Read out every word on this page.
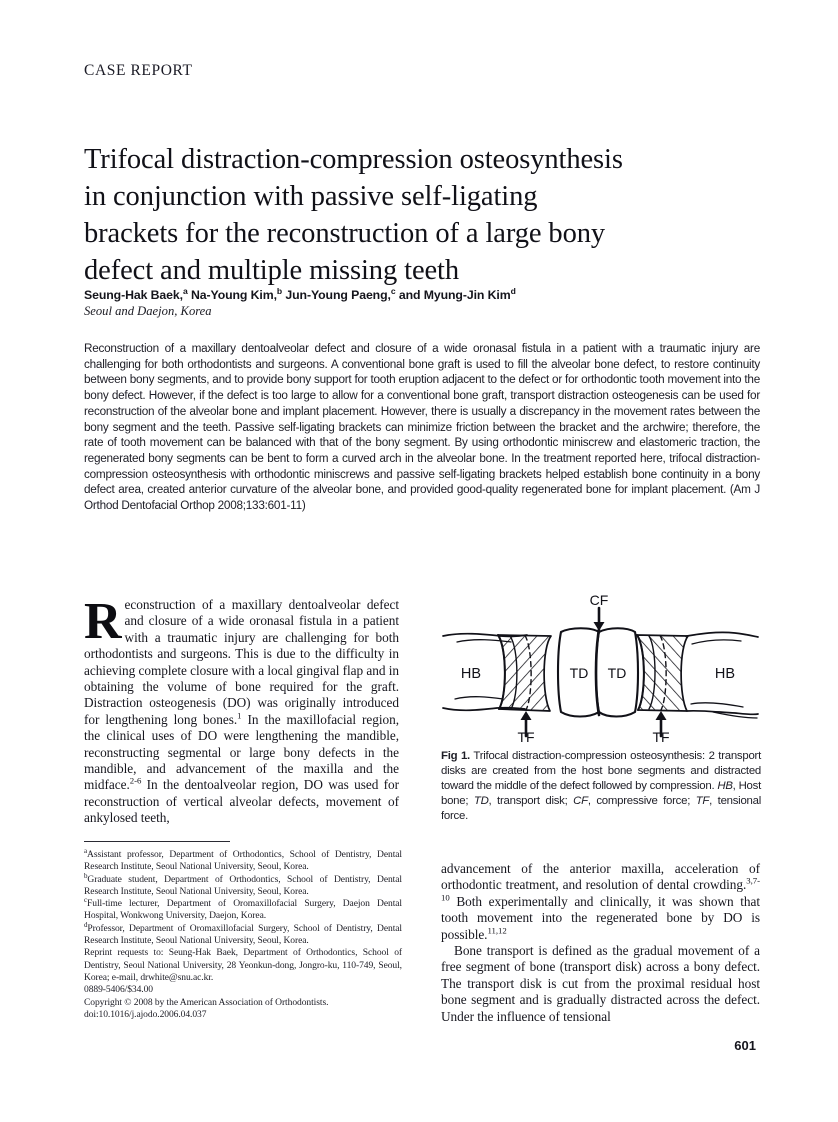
CASE REPORT
Trifocal distraction-compression osteosynthesis
in conjunction with passive self-ligating
brackets for the reconstruction of a large bony
defect and multiple missing teeth
Seung-Hak Baek,$^a$ Na-Young Kim,$^b$ Jun-Young Paeng,$^c$ and Myung-Jin Kim$^d$
Seoul and Daejon, Korea
Reconstruction of a maxillary dentoalveolar defect and closure of a wide oronasal fistula in a patient with a traumatic injury are challenging for both orthodontists and surgeons. A conventional bone graft is used to fill the alveolar bone defect, to restore continuity between bony segments, and to provide bony support for tooth eruption adjacent to the defect or for orthodontic tooth movement into the bony defect. However, if the defect is too large to allow for a conventional bone graft, transport distraction osteogenesis can be used for reconstruction of the alveolar bone and implant placement. However, there is usually a discrepancy in the movement rates between the bony segment and the teeth. Passive self-ligating brackets can minimize friction between the bracket and the archwire; therefore, the rate of tooth movement can be balanced with that of the bony segment. By using orthodontic miniscrew and elastomeric traction, the regenerated bony segments can be bent to form a curved arch in the alveolar bone. In the treatment reported here, trifocal distraction-compression osteosynthesis with orthodontic miniscrews and passive self-ligating brackets helped establish bone continuity in a bony defect area, created anterior curvature of the alveolar bone, and provided good-quality regenerated bone for implant placement. (Am J Orthod Dentofacial Orthop 2008;133:601-11)
Reconstruction of a maxillary dentoalveolar defect and closure of a wide oronasal fistula in a patient with a traumatic injury are challenging for both orthodontists and surgeons. This is due to the difficulty in achieving complete closure with a local gingival flap and in obtaining the volume of bone required for the graft. Distraction osteogenesis (DO) was originally introduced for lengthening long bones.$^1$ In the maxillofacial region, the clinical uses of DO were lengthening the mandible, reconstructing segmental or large bony defects in the mandible, and advancement of the maxilla and the midface.$^{2-6}$ In the dentoalveolar region, DO was used for reconstruction of vertical alveolar defects, movement of ankylosed teeth,

$^a$Assistant professor, Department of Orthodontics, School of Dentistry, Dental Research Institute, Seoul National University, Seoul, Korea.

$^b$Graduate student, Department of Orthodontics, School of Dentistry, Dental Research Institute, Seoul National University, Seoul, Korea.

$^c$Full-time lecturer, Department of Oromaxillofacial Surgery, Daejon Dental Hospital, Wonkwong University, Daejon, Korea.

$^d$Professor, Department of Oromaxillofacial Surgery, School of Dentistry, Dental Research Institute, Seoul National University, Seoul, Korea.

Reprint requests to: Seung-Hak Baek, Department of Orthodontics, School of Dentistry, Seoul National University, 28 Yeonkun-dong, Jongro-ku, 110-749, Seoul, Korea; e-mail, drwhite@snu.ac.kr.

0889-5406/$34.00

Copyright © 2008 by the American Association of Orthodontists.

doi:10.1016/j.ajodo.2006.04.037

CF
TF	TF
HB	HB
TD TD
Fig 1. Trifocal distraction-compression osteosynthesis: 2 transport disks are created from the host bone segments and distracted toward the middle of the defect followed by compression. HB, Host bone; TD, transport disk; CF, compressive force; TF, tensional force.

advancement of the anterior maxilla, acceleration of orthodontic treatment, and resolution of dental crowding.$^{3,7-10}$ Both experimentally and clinically, it was shown that tooth movement into the regenerated bone by DO is possible.$^{11,12}$

Bone transport is defined as the gradual movement of a free segment of bone (transport disk) across a bony defect. The transport disk is cut from the proximal residual host bone segment and is gradually distracted across the defect. Under the influence of tensional

601
